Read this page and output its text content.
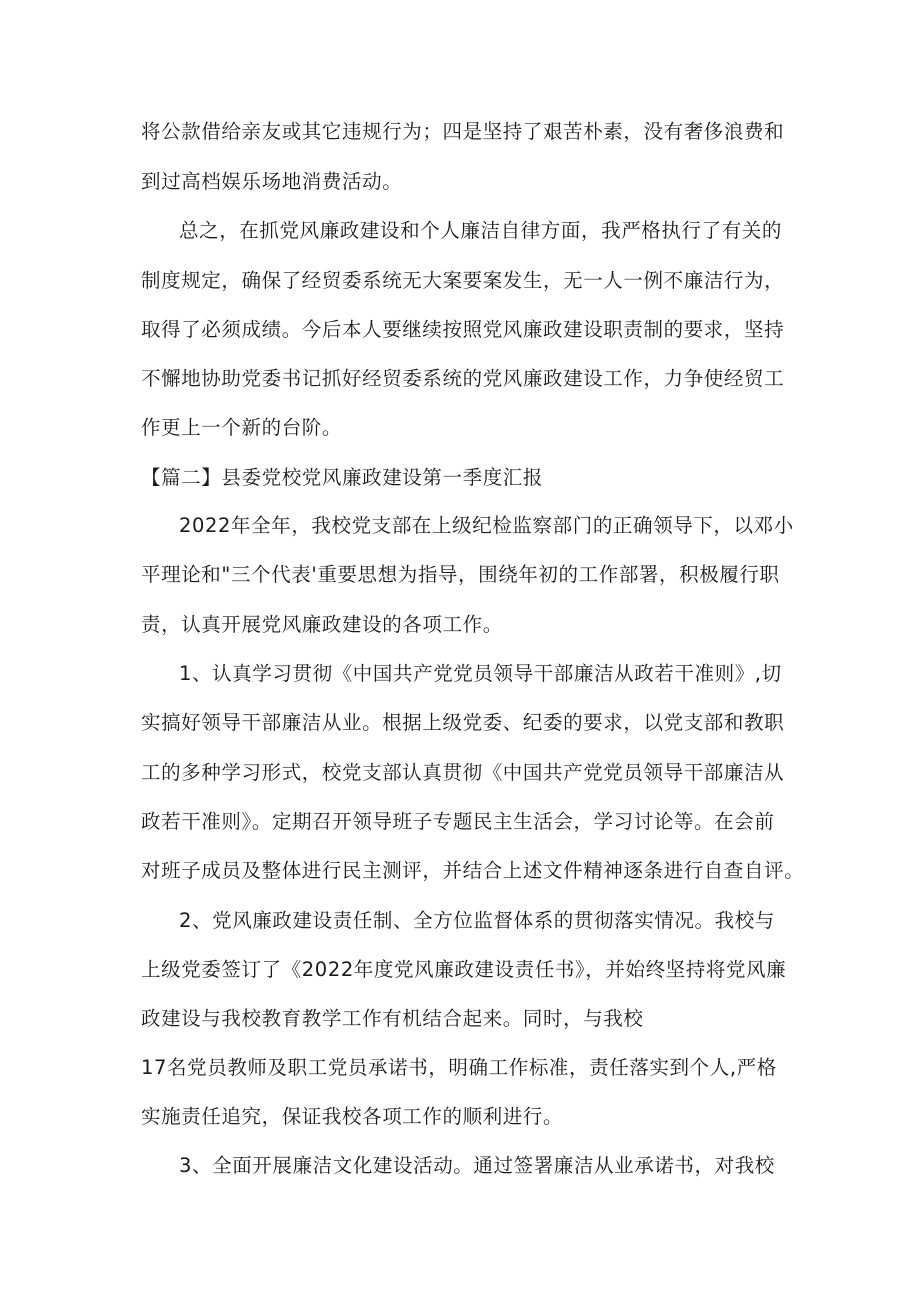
将公款借给亲友或其它违规行为；四是坚持了艰苦朴素，没有奢侈浪费和
到过高档娱乐场地消费活动。
总之，在抓党风廉政建设和个人廉洁自律方面，我严格执行了有关的
制度规定，确保了经贸委系统无大案要案发生，无一人一例不廉洁行为，
取得了必须成绩。今后本人要继续按照党风廉政建设职责制的要求，坚持
不懈地协助党委书记抓好经贸委系统的党风廉政建设工作，力争使经贸工
作更上一个新的台阶。
【篇二】县委党校党风廉政建设第一季度汇报
2022年全年，我校党支部在上级纪检监察部门的正确领导下，以邓小
平理论和"三个代表'重要思想为指导，围绕年初的工作部署，积极履行职
责，认真开展党风廉政建设的各项工作。
1、认真学习贯彻《中国共产党党员领导干部廉洁从政若干准则》,切
实搞好领导干部廉洁从业。根据上级党委、纪委的要求，以党支部和教职
工的多种学习形式，校党支部认真贯彻《中国共产党党员领导干部廉洁从
政若干准则》。定期召开领导班子专题民主生活会，学习讨论等。在会前
对班子成员及整体进行民主测评，并结合上述文件精神逐条进行自查自评。
2、党风廉政建设责任制、全方位监督体系的贯彻落实情况。我校与
上级党委签订了《2022年度党风廉政建设责任书》，并始终坚持将党风廉
政建设与我校教育教学工作有机结合起来。同时，与我校
17名党员教师及职工党员承诺书，明确工作标准，责任落实到个人,严格
实施责任追究，保证我校各项工作的顺利进行。
3、全面开展廉洁文化建设活动。通过签署廉洁从业承诺书，对我校
